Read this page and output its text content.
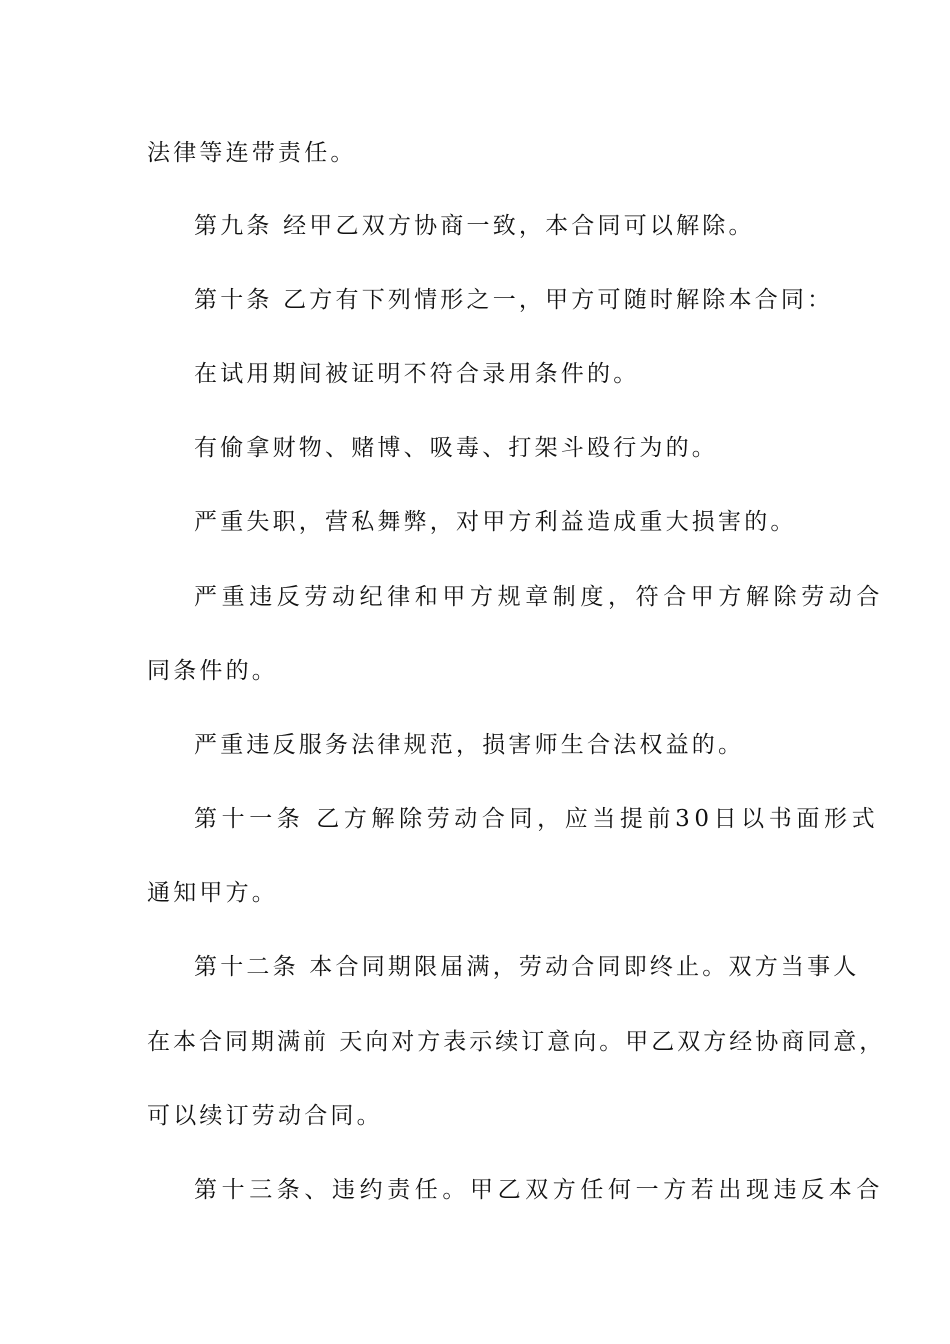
法律等连带责任。
第九条 经甲乙双方协商一致，本合同可以解除。
第十条 乙方有下列情形之一，甲方可随时解除本合同：
在试用期间被证明不符合录用条件的。
有偷拿财物、赌博、吸毒、打架斗殴行为的。
严重失职，营私舞弊，对甲方利益造成重大损害的。
严重违反劳动纪律和甲方规章制度，符合甲方解除劳动合
同条件的。
严重违反服务法律规范，损害师生合法权益的。
第十一条 乙方解除劳动合同，应当提前30日以书面形式
通知甲方。
第十二条 本合同期限届满，劳动合同即终止。双方当事人
在本合同期满前 天向对方表示续订意向。甲乙双方经协商同意，
可以续订劳动合同。
第十三条、违约责任。甲乙双方任何一方若出现违反本合
